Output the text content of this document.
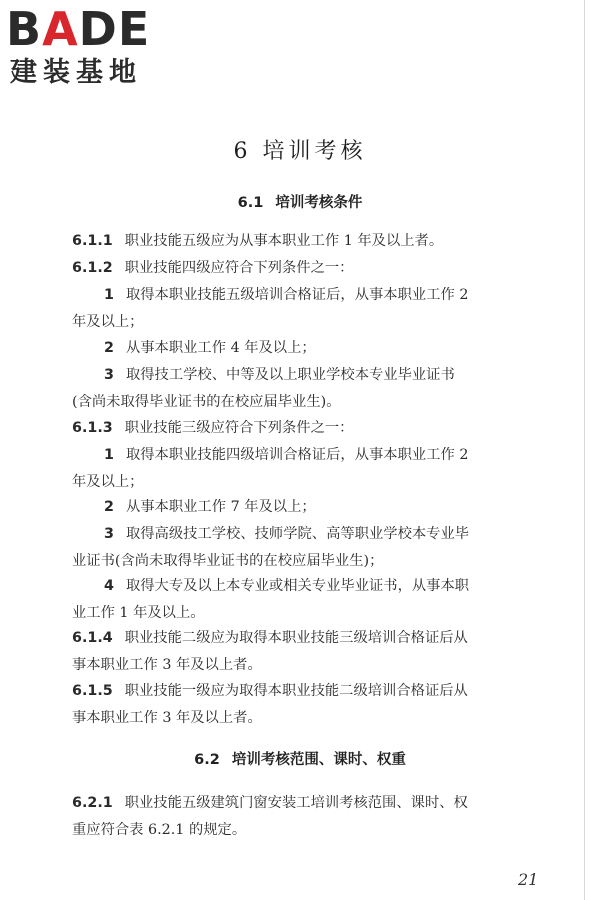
BADE
建装基地
6 培训考核
6.1 培训考核条件
6.1.1 职业技能五级应为从事本职业工作 1 年及以上者。
6.1.2 职业技能四级应符合下列条件之一：
1 取得本职业技能五级培训合格证后，从事本职业工作 2
年及以上；
2 从事本职业工作 4 年及以上；
3 取得技工学校、中等及以上职业学校本专业毕业证书
(含尚未取得毕业证书的在校应届毕业生)。
6.1.3 职业技能三级应符合下列条件之一：
1 取得本职业技能四级培训合格证后，从事本职业工作 2
年及以上；
2 从事本职业工作 7 年及以上；
3 取得高级技工学校、技师学院、高等职业学校本专业毕
业证书(含尚未取得毕业证书的在校应届毕业生)；
4 取得大专及以上本专业或相关专业毕业证书，从事本职
业工作 1 年及以上。
6.1.4 职业技能二级应为取得本职业技能三级培训合格证后从
事本职业工作 3 年及以上者。
6.1.5 职业技能一级应为取得本职业技能二级培训合格证后从
事本职业工作 3 年及以上者。
6.2 培训考核范围、课时、权重
6.2.1 职业技能五级建筑门窗安装工培训考核范围、课时、权
重应符合表 6.2.1 的规定。
21
